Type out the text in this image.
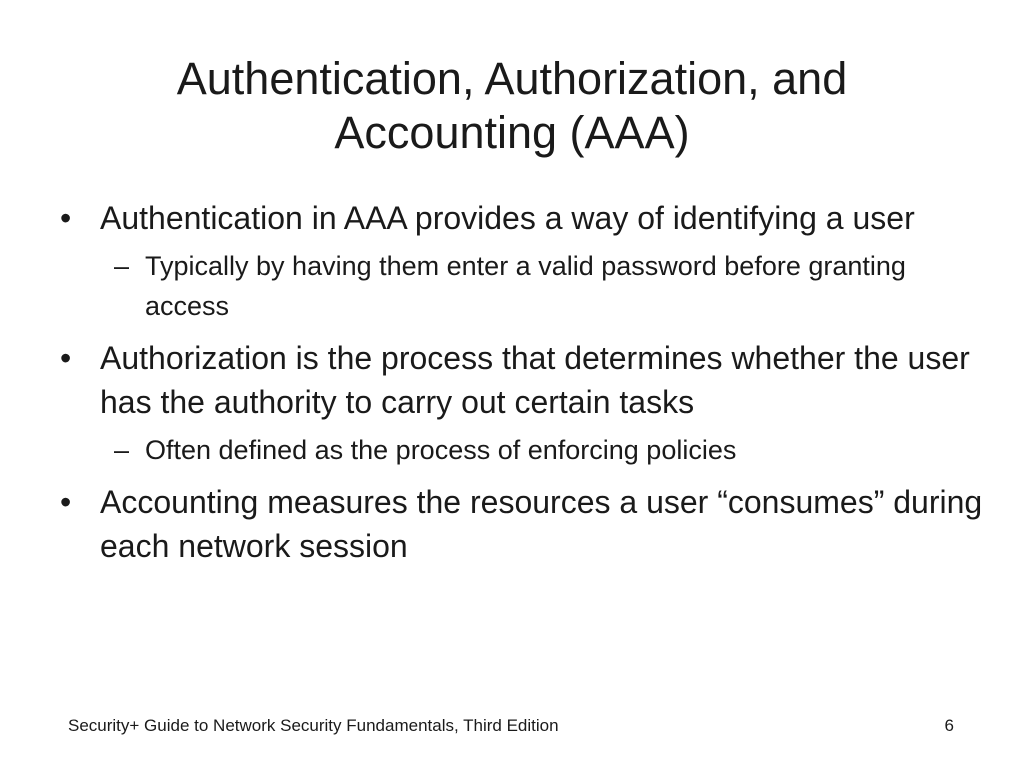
Authentication, Authorization, and
Accounting (AAA)
• Authentication in AAA provides a way of identifying a user
– Typically by having them enter a valid password before granting access
• Authorization is the process that determines whether the user has the authority to carry out certain tasks
– Often defined as the process of enforcing policies
• Accounting measures the resources a user “consumes” during each network session
Security+ Guide to Network Security Fundamentals, Third Edition	6
